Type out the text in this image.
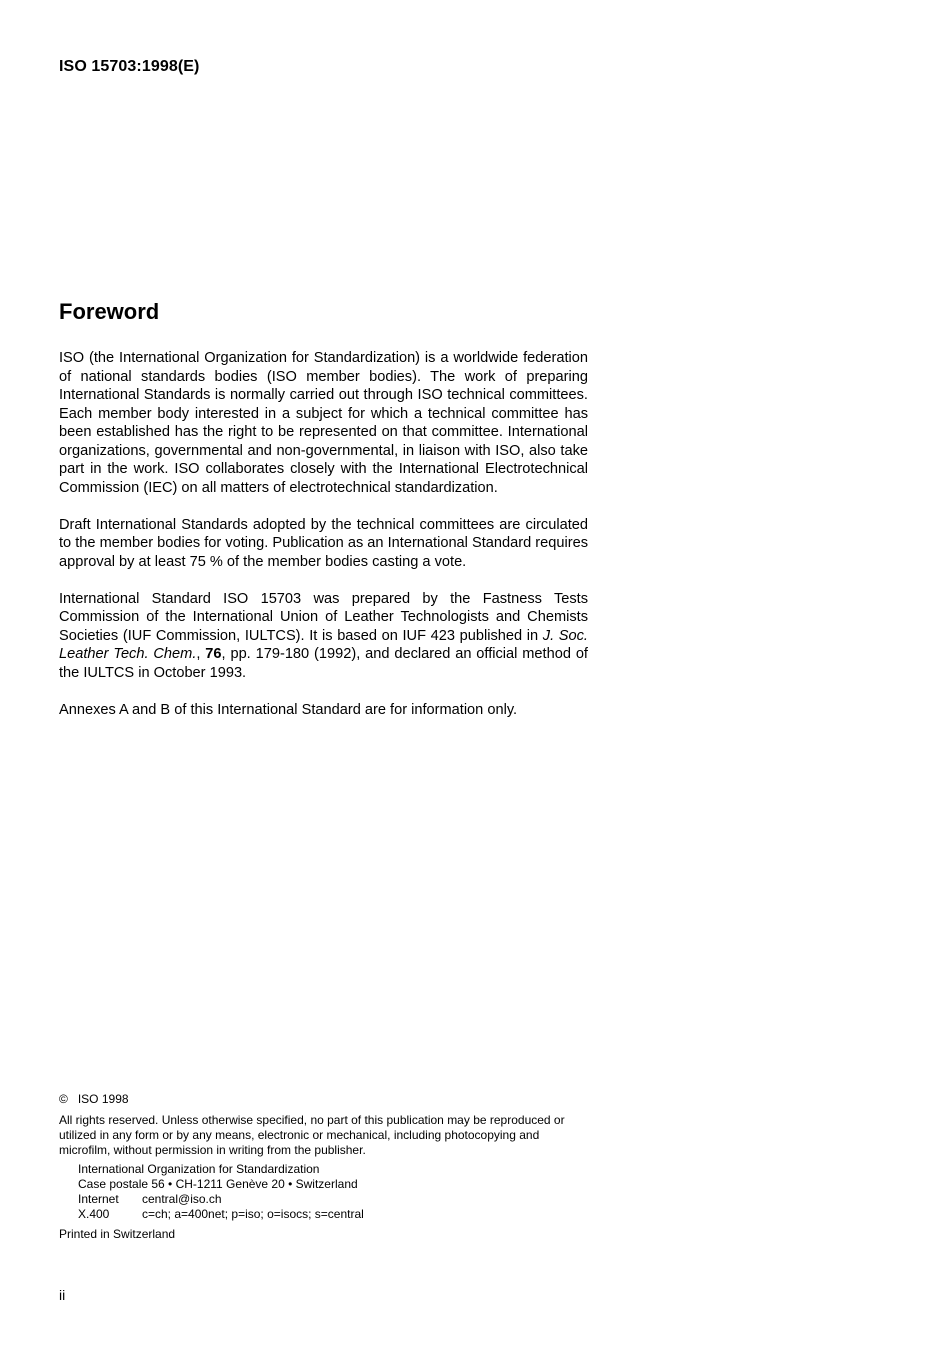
ISO 15703:1998(E)
Foreword

ISO (the International Organization for Standardization) is a worldwide federation of national standards bodies (ISO member bodies). The work of preparing International Standards is normally carried out through ISO technical committees. Each member body interested in a subject for which a technical committee has been established has the right to be represented on that committee. International organizations, governmental and non-governmental, in liaison with ISO, also take part in the work. ISO collaborates closely with the International Electrotechnical Commission (IEC) on all matters of electrotechnical standardization.

Draft International Standards adopted by the technical committees are circulated to the member bodies for voting. Publication as an International Standard requires approval by at least 75 % of the member bodies casting a vote.

International Standard ISO 15703 was prepared by the Fastness Tests Commission of the International Union of Leather Technologists and Chemists Societies (IUF Commission, IULTCS). It is based on IUF 423 published in J. Soc. Leather Tech. Chem., 76, pp. 179-180 (1992), and declared an official method of the IULTCS in October 1993.

Annexes A and B of this International Standard are for information only.

© ISO 1998

All rights reserved. Unless otherwise specified, no part of this publication may be reproduced or utilized in any form or by any means, electronic or mechanical, including photocopying and microfilm, without permission in writing from the publisher.

International Organization for Standardization
Case postale 56 • CH-1211 Genève 20 • Switzerland
Internet	central@iso.ch
X.400	c=ch; a=400net; p=iso; o=isocs; s=central
Printed in Switzerland
ii
